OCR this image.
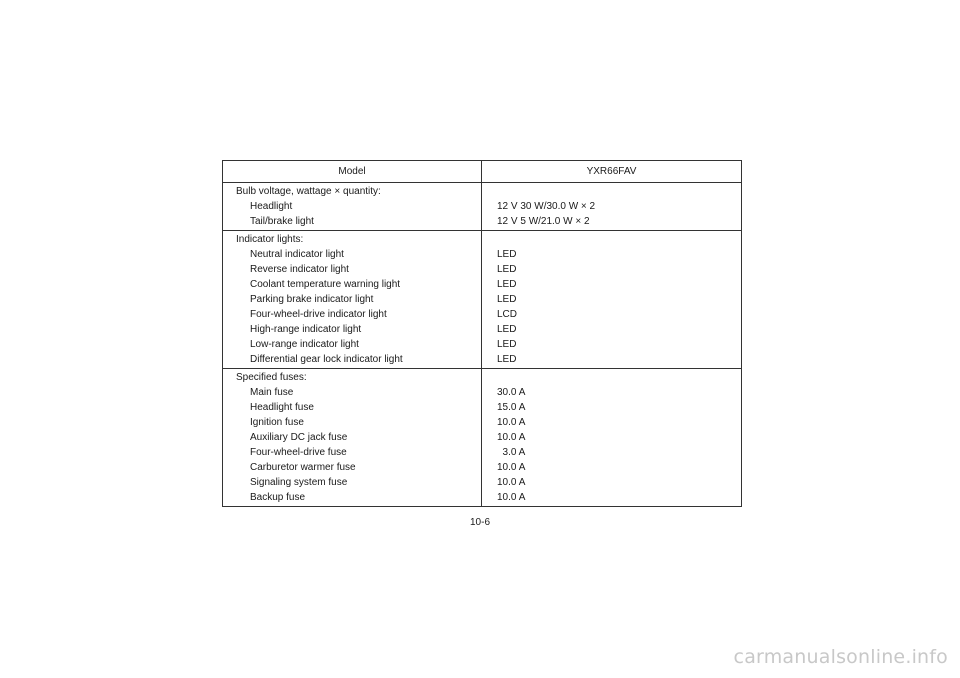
Model	YXR66FAV

Bulb voltage, wattage × quantity:	

Headlight	12 V 30 W/30.0 W × 2

Tail/brake light	12 V 5 W/21.0 W × 2

Indicator lights:	

Neutral indicator light	LED

Reverse indicator light	LED

Coolant temperature warning light	LED

Parking brake indicator light	LED

Four-wheel-drive indicator light	LCD

High-range indicator light	LED

Low-range indicator light	LED

Differential gear lock indicator light	LED

Specified fuses:	

Main fuse	30.0 A

Headlight fuse	15.0 A

Ignition fuse	10.0 A

Auxiliary DC jack fuse	10.0 A

Four-wheel-drive fuse	3.0 A

Carburetor warmer fuse	10.0 A

Signaling system fuse	10.0 A

Backup fuse	10.0 A
10-6
carmanualsonline.info
